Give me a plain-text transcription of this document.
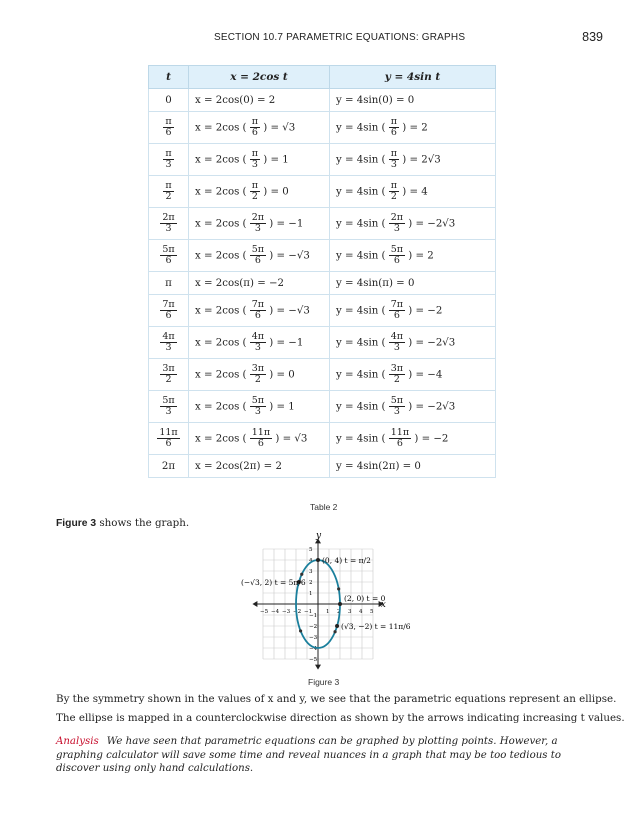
SECTION 10.7 PARAMETRIC EQUATIONS: GRAPHS	839
t	x = 2cos t	y = 4sin t
0	x = 2cos(0) = 2	y = 4sin(0) = 0

$\frac{\pi}{6}$	x = 2cos ( $\frac{\pi}{6}$ ) = √3	y = 4sin ( $\frac{\pi}{6}$ ) = 2

$\frac{\pi}{3}$	x = 2cos ( $\frac{\pi}{3}$ ) = 1	y = 4sin ( $\frac{\pi}{3}$ ) = 2√3

$\frac{\pi}{2}$	x = 2cos ( $\frac{\pi}{2}$ ) = 0	y = 4sin ( $\frac{\pi}{2}$ ) = 4

$\frac{2\pi}{3}$	x = 2cos ( $\frac{2\pi}{3}$ ) = −1	y = 4sin ( $\frac{2\pi}{3}$ ) = −2√3

$\frac{5\pi}{6}$	x = 2cos ( $\frac{5\pi}{6}$ ) = −√3	y = 4sin ( $\frac{5\pi}{6}$ ) = 2
π	x = 2cos(π) = −2	y = 4sin(π) = 0

$\frac{7\pi}{6}$	x = 2cos ( $\frac{7\pi}{6}$ ) = −√3	y = 4sin ( $\frac{7\pi}{6}$ ) = −2

$\frac{4\pi}{3}$	x = 2cos ( $\frac{4\pi}{3}$ ) = −1	y = 4sin ( $\frac{4\pi}{3}$ ) = −2√3

$\frac{3\pi}{2}$	x = 2cos ( $\frac{3\pi}{2}$ ) = 0	y = 4sin ( $\frac{3\pi}{2}$ ) = −4

$\frac{5\pi}{3}$	x = 2cos ( $\frac{5\pi}{3}$ ) = 1	y = 4sin ( $\frac{5\pi}{3}$ ) = −2√3

$\frac{11\pi}{6}$	x = 2cos ( $\frac{11\pi}{6}$ ) = √3	y = 4sin ( $\frac{11\pi}{6}$ ) = −2
2π	x = 2cos(2π) = 2	y = 4sin(2π) = 0
Table 2
Figure 3 shows the graph.
x
y
−5 −4 −3 −2 −1	1 2 3 4 5
5
4
3
2
1
−1
−2
−3
−4
−5
(0, 4) t = π/2
(−√3, 2) t = 5π/6
(2, 0) t = 0
(√3, −2) t = 11π/6
Figure 3
By the symmetry shown in the values of x and y, we see that the parametric equations represent an ellipse.
The ellipse is mapped in a counterclockwise direction as shown by the arrows indicating increasing t values.
Analysis We have seen that parametric equations can be graphed by plotting points. However, a graphing calculator will save some time and reveal nuances in a graph that may be too tedious to discover using only hand calculations.
